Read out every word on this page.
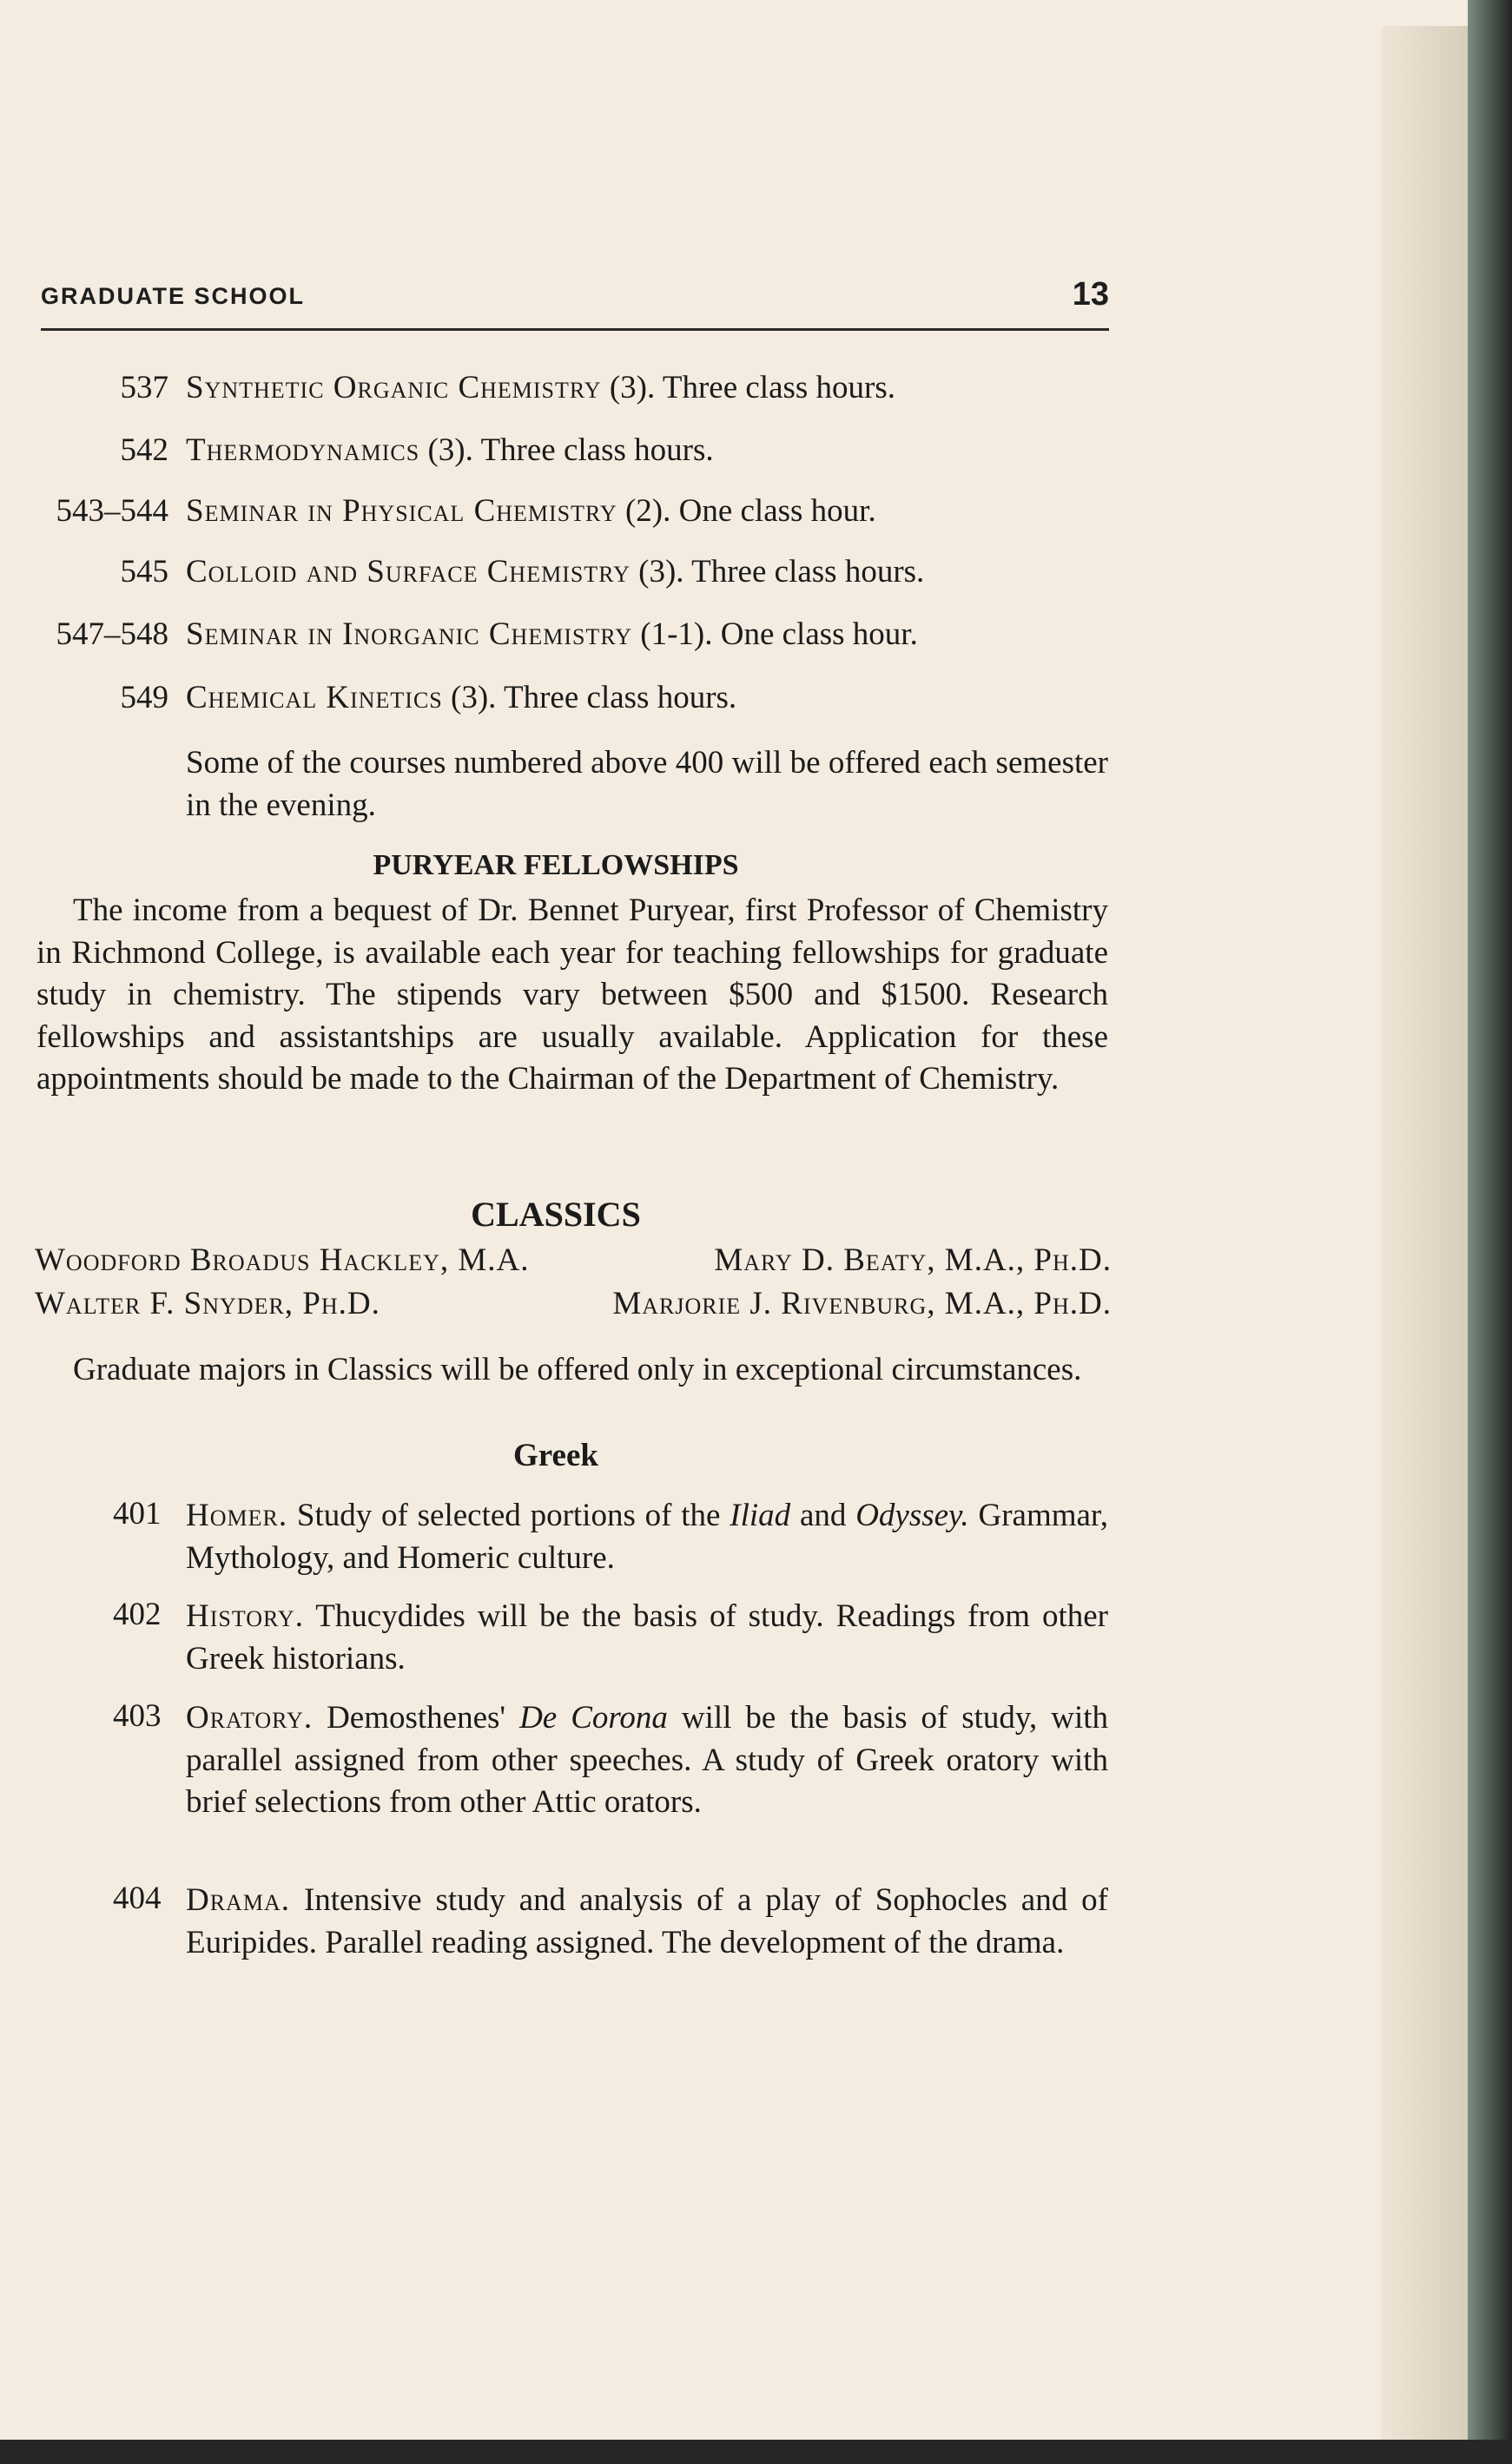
GRADUATE SCHOOL	13
537 Synthetic Organic Chemistry (3). Three class hours.
542 Thermodynamics (3). Three class hours.
543–544 Seminar in Physical Chemistry (2). One class hour.
545 Colloid and Surface Chemistry (3). Three class hours.
547–548 Seminar in Inorganic Chemistry (1-1). One class hour.
549 Chemical Kinetics (3). Three class hours.
Some of the courses numbered above 400 will be offered each semester in the evening.
PURYEAR FELLOWSHIPS
The income from a bequest of Dr. Bennet Puryear, first Professor of Chemistry in Richmond College, is available each year for teaching fellowships for graduate study in chemistry. The stipends vary between $500 and $1500. Research fellowships and assistantships are usually available. Application for these appointments should be made to the Chairman of the Department of Chemistry.
CLASSICS
Woodford Broadus Hackley, M.A.	Mary D. Beaty, M.A., Ph.D.
Walter F. Snyder, Ph.D.	Marjorie J. Rivenburg, M.A., Ph.D.
Graduate majors in Classics will be offered only in exceptional circumstances.
Greek
401 Homer. Study of selected portions of the Iliad and Odyssey. Grammar, Mythology, and Homeric culture.
402 History. Thucydides will be the basis of study. Readings from other Greek historians.
403 Oratory. Demosthenes' De Corona will be the basis of study, with parallel assigned from other speeches. A study of Greek oratory with brief selections from other Attic orators.
404 Drama. Intensive study and analysis of a play of Sophocles and of Euripides. Parallel reading assigned. The development of the drama.
